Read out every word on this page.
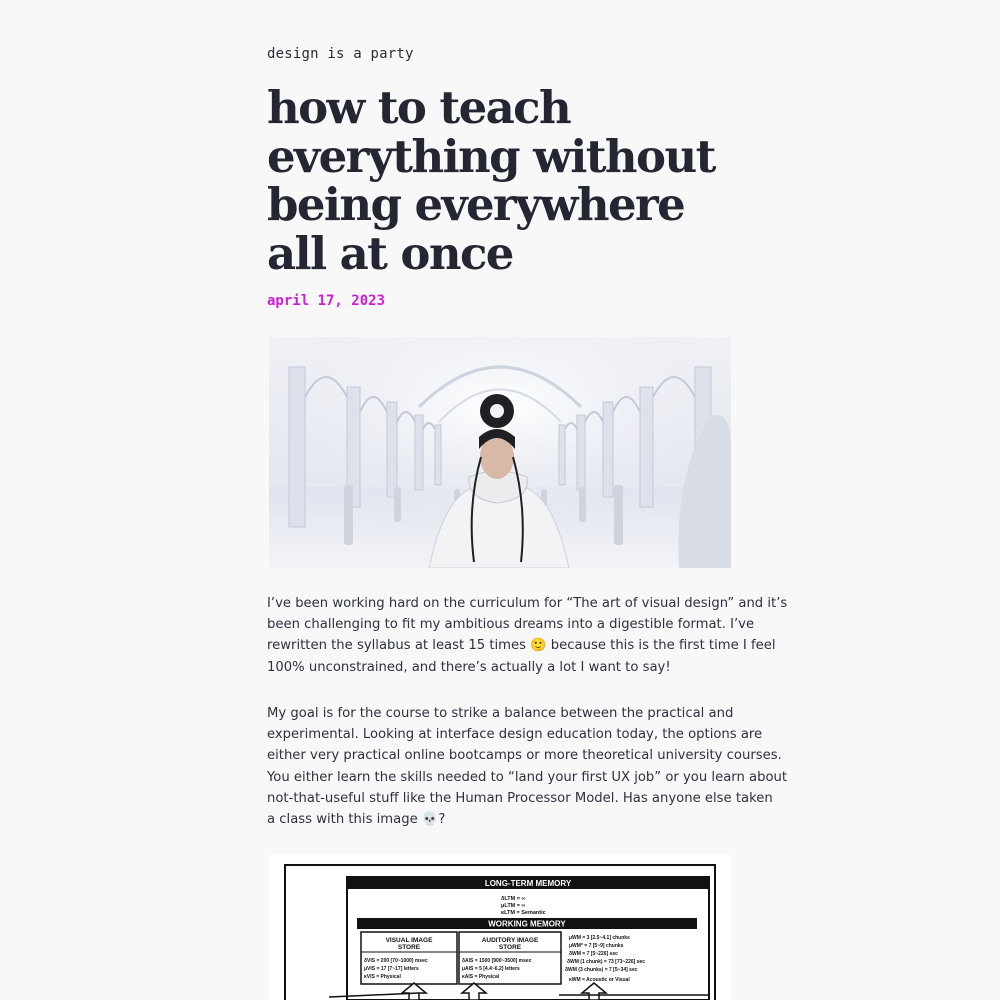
design is a party
how to teach
everything without
being everywhere
all at once
april 17, 2023

I’ve been working hard on the curriculum for “The art of visual design” and it’s
been challenging to fit my ambitious dreams into a digestible format. I’ve
rewritten the syllabus at least 15 times 🙂 because this is the first time I feel
100% unconstrained, and there’s actually a lot I want to say!

My goal is for the course to strike a balance between the practical and
experimental. Looking at interface design education today, the options are
either very practical online bootcamps or more theoretical university courses.
You either learn the skills needed to “land your first UX job” or you learn about
not-that-useful stuff like the Human Processor Model. Has anyone else taken
a class with this image 💀?

LONG-TERM MEMORY
δLTM = ∞
μLTM = ∞
κLTM = Semantic
WORKING MEMORY
VISUAL IMAGE
STORE
δVIS = 200 [70~1000] msec
μVIS = 17 [7~17] letters
κVIS = Physical
AUDITORY IMAGE
STORE
δAIS = 1500 [900~3500] msec
μAIS = 5 [4.4~6.2] letters
κAIS = Physical
μWM = 3 [2.5~4.1] chunks
μWM* = 7 [5~9] chunks
δWM = 7 [5~226] sec
δWM (1 chunk) = 73 [73~226] sec
δWM (3 chunks) = 7 [5~34] sec
κWM = Acoustic or Visual
